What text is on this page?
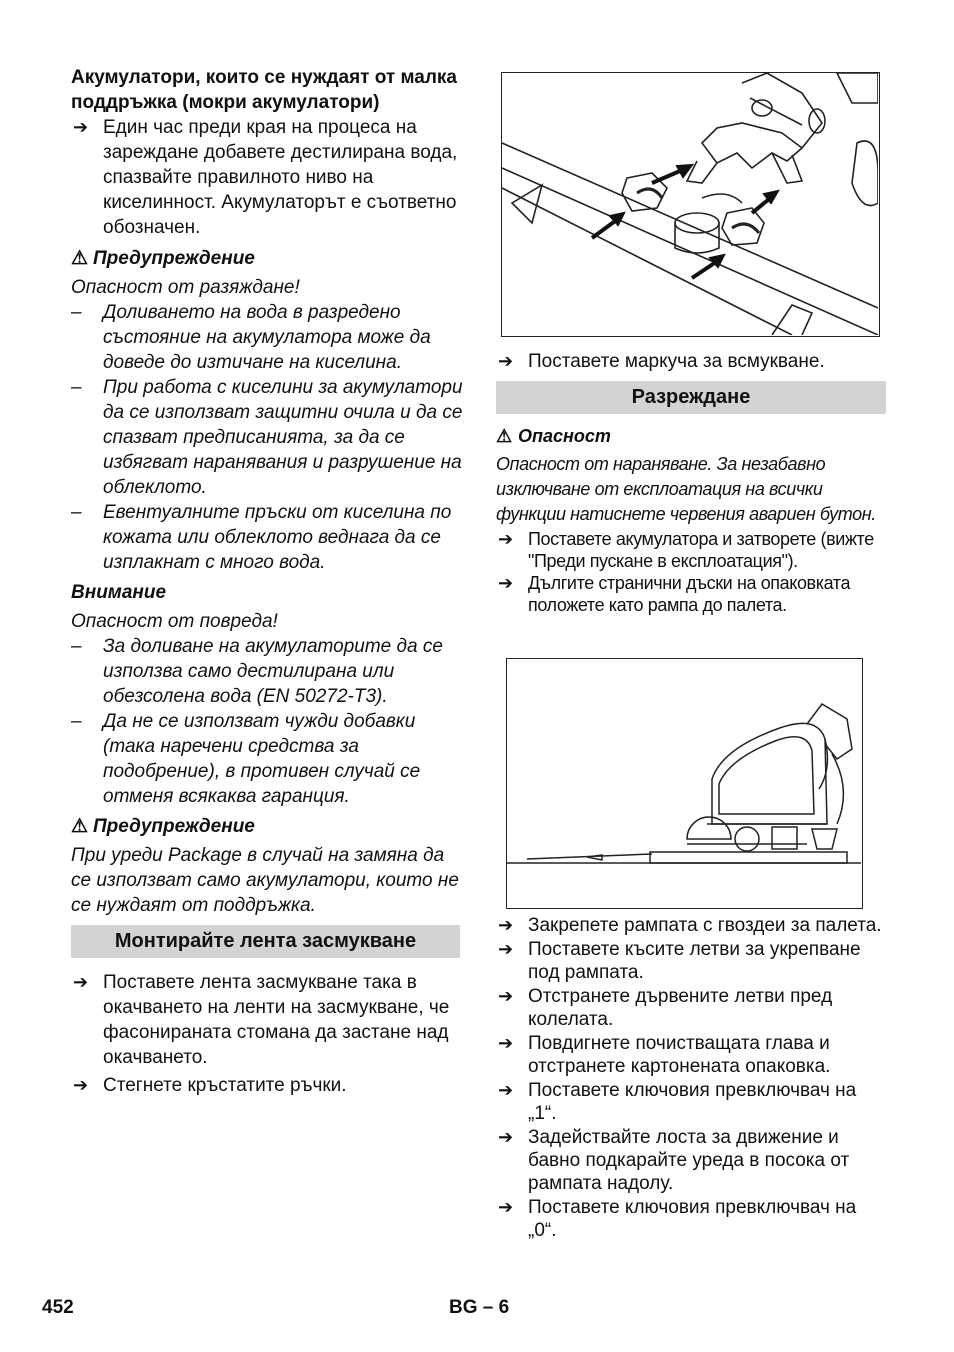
Акумулатори, които се нуждаят от малка поддръжка (мокри акумулатори)

➔ Един час преди края на процеса на зареждане добавете дестилирана вода, спазвайте правилното ниво на киселинност. Акумулаторът е съответно обозначен.

⚠ Предупреждение
Опасност от разяждане!
– Доливането на вода в разредено състояние на акумулатора може да доведе до изтичане на киселина.
– При работа с киселини за акумулатори да се използват защитни очила и да се спазват предписанията, за да се избягват наранявания и разрушение на облеклото.
– Евентуалните пръски от киселина по кожата или облеклото веднага да се изплакнат с много вода.
Внимание
Опасност от повреда!
– За доливане на акумулаторите да се използва само дестилирана или обезсолена вода (EN 50272-T3).
– Да не се използват чужди добавки (така наречени средства за подобрение), в противен случай се отменя всякаква гаранция.
⚠ Предупреждение
При уреди Package в случай на замяна да се използват само акумулатори, които не се нуждаят от поддръжка.
Монтирайте лента засмукване

➔ Поставете лента засмукване така в окачването на ленти на засмукване, че фасонираната стомана да застане над окачването.

➔ Стегнете кръстатите ръчки.

➔ Поставете маркуча за всмукване.

Разреждане
⚠ Опасност
Опасност от нараняване. За незабавно изключване от експлоатация на всички функции натиснете червения авариен бутон.

➔ Поставете акумулатора и затворете (вижте "Преди пускане в експлоатация").

➔ Дългите странични дъски на опаковката положете като рампа до палета.

➔ Закрепете рампата с гвоздеи за палета.

➔ Поставете късите летви за укрепване под рампата.

➔ Отстранете дървените летви пред колелата.

➔ Повдигнете почистващата глава и отстранете картонената опаковка.

➔ Поставете ключовия превключвач на „1“.

➔ Задействайте лоста за движение и бавно подкарайте уреда в посока от рампата надолу.

➔ Поставете ключовия превключвач на „0“.

452	BG – 6
